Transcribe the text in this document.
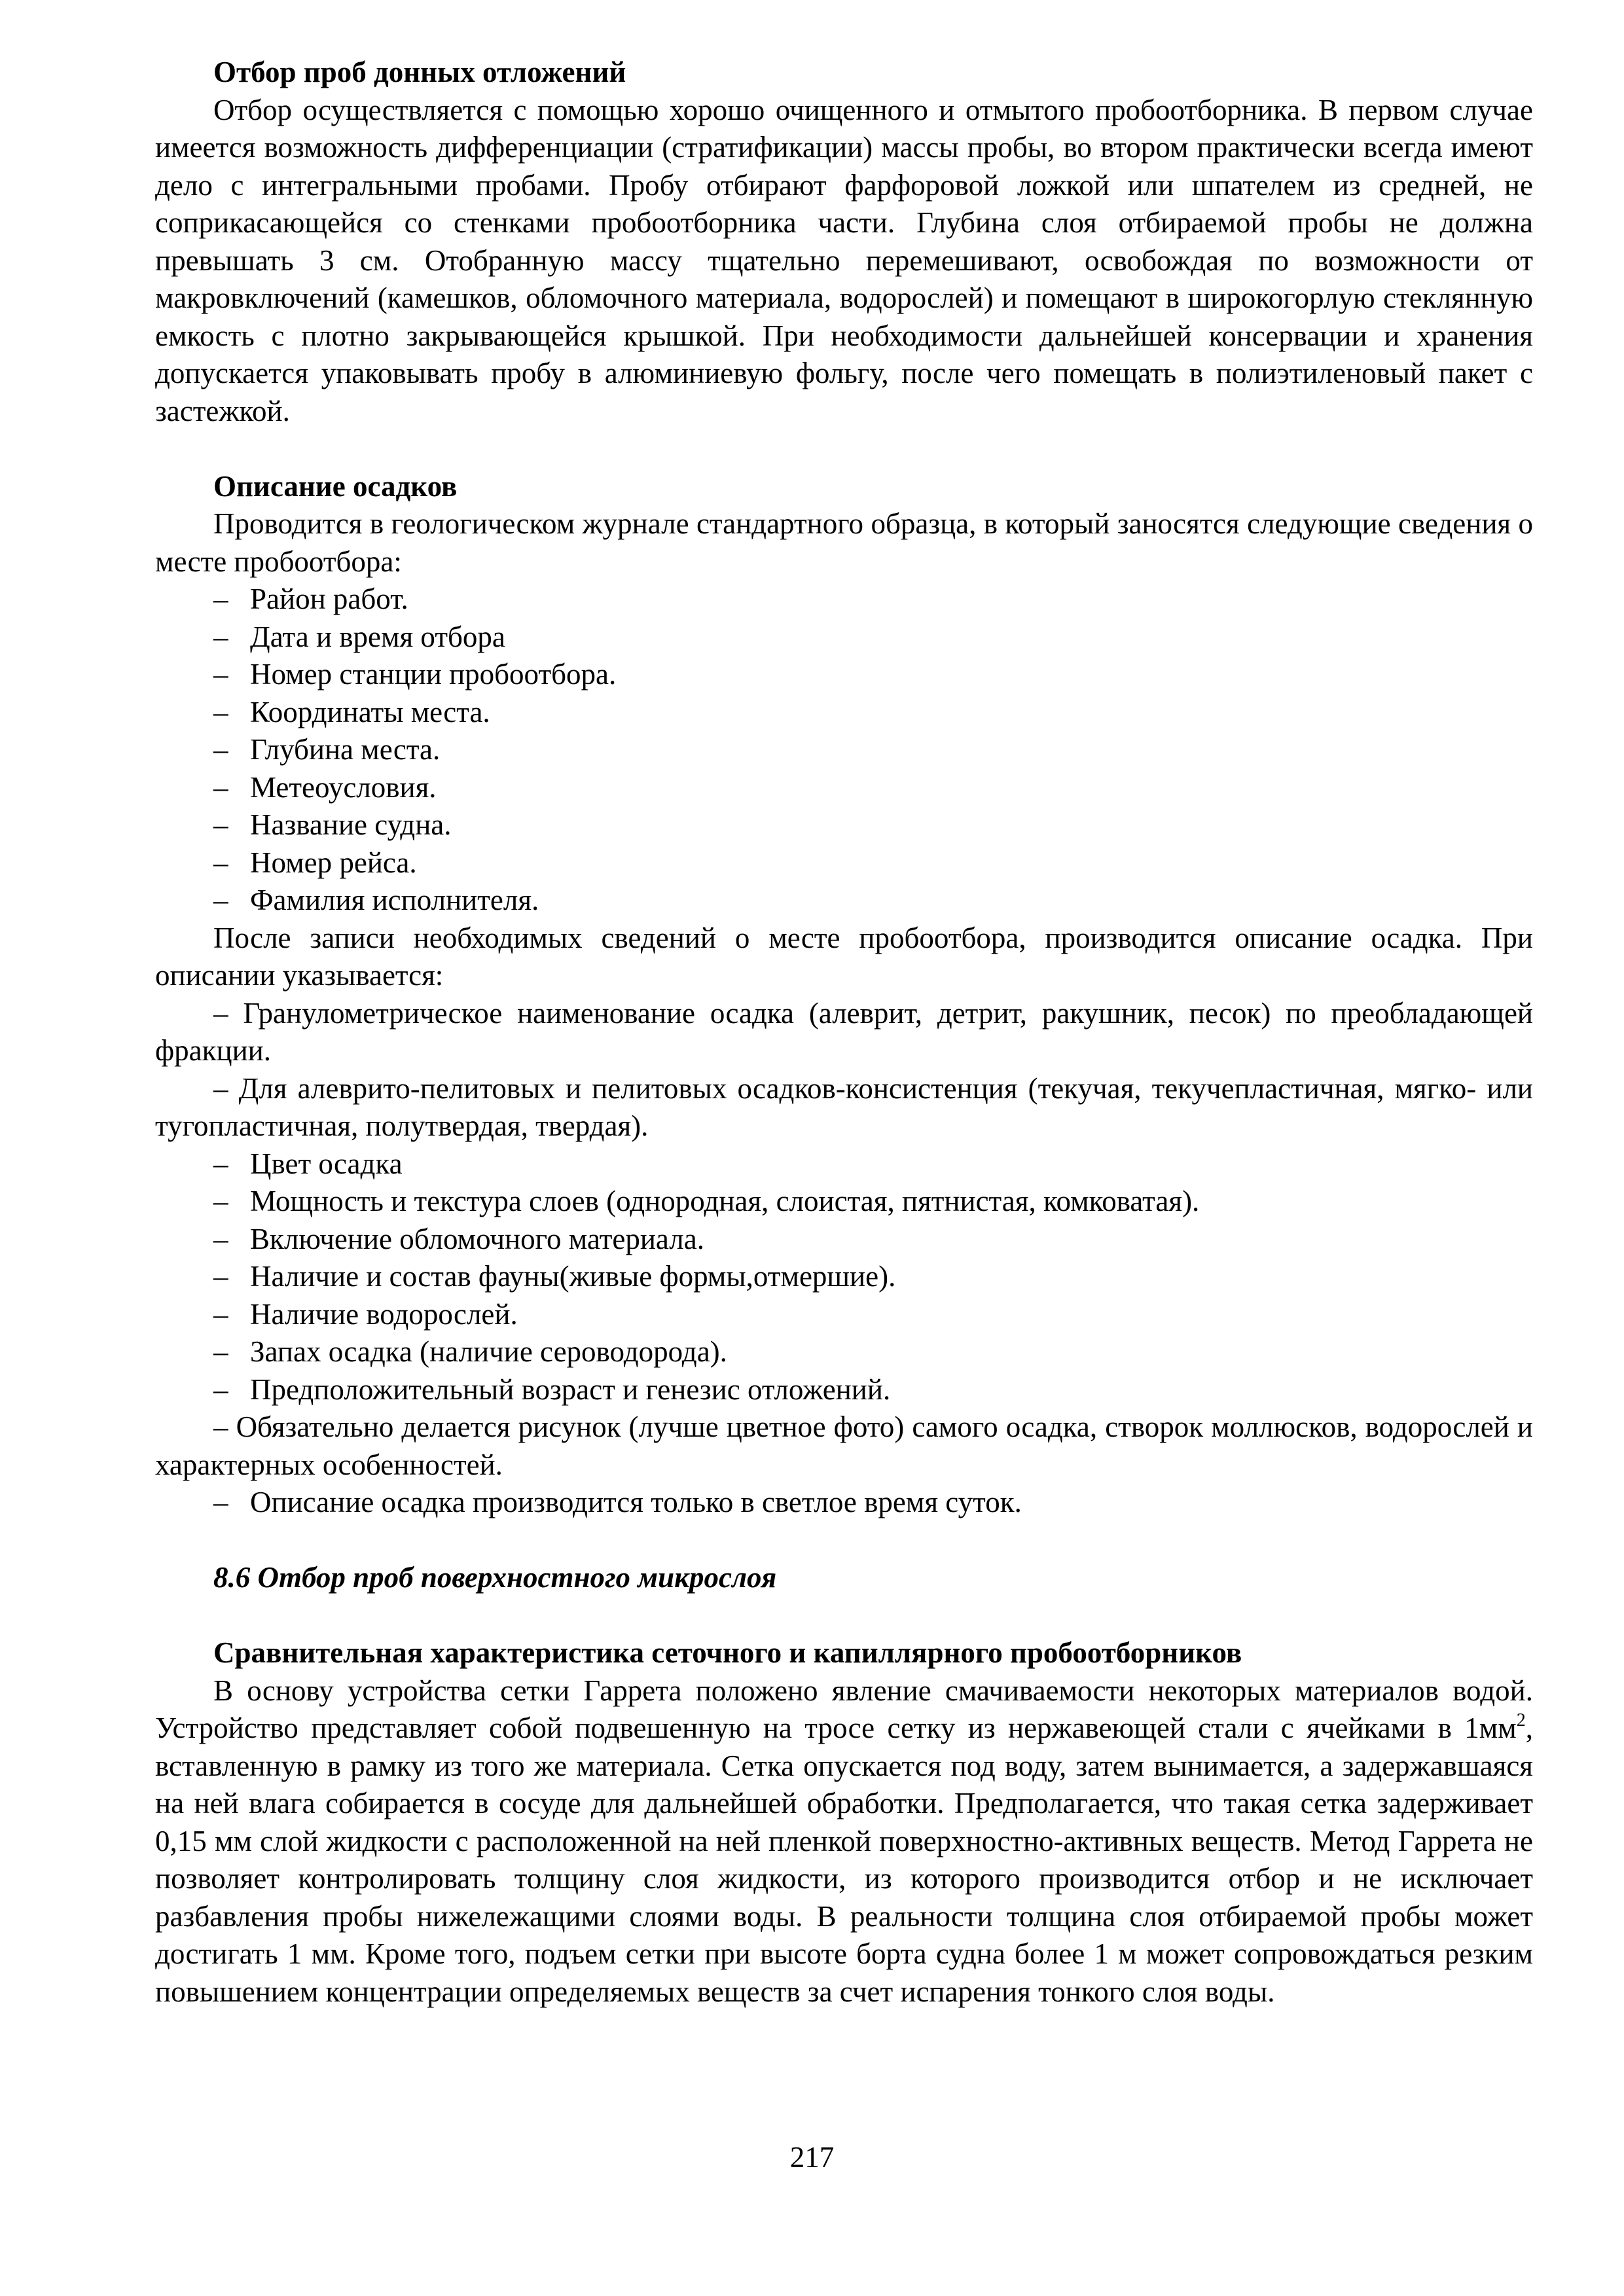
Отбор проб донных отложений

Отбор осуществляется с помощью хорошо очищенного и отмытого пробоотборника. В первом случае имеется возможность дифференциации (стратификации) массы пробы, во втором практически всегда имеют дело с интегральными пробами. Пробу отбирают фарфоровой ложкой или шпателем из средней, не соприкасающейся со стенками пробоотборника части. Глубина слоя отбираемой пробы не должна превышать 3 см. Отобранную массу тщательно перемешивают, освобождая по возможности от макровключений (камешков, обломочного материала, водорослей) и помещают в широкогорлую стеклянную емкость с плотно закрывающейся крышкой. При необходимости дальнейшей консервации и хранения допускается упаковывать пробу в алюминиевую фольгу, после чего помещать в полиэтиленовый пакет с застежкой.

Описание осадков

Проводится в геологическом журнале стандартного образца, в который заносятся следующие сведения о месте пробоотбора:

– Район работ.

– Дата и время отбора

– Номер станции пробоотбора.

– Координаты места.

– Глубина места.

– Метеоусловия.

– Название судна.

– Номер рейса.

– Фамилия исполнителя.

После записи необходимых сведений о месте пробоотбора, производится описание осадка. При описании указывается:

– Гранулометрическое наименование осадка (алеврит, детрит, ракушник, песок) по преобладающей фракции.

– Для алеврито-пелитовых и пелитовых осадков-консистенция (текучая, текучепластичная, мягко- или тугопластичная, полутвердая, твердая).

– Цвет осадка

– Мощность и текстура слоев (однородная, слоистая, пятнистая, комковатая).

– Включение обломочного материала.

– Наличие и состав фауны(живые формы,отмершие).

– Наличие водорослей.

– Запах осадка (наличие сероводорода).

– Предположительный возраст и генезис отложений.

– Обязательно делается рисунок (лучше цветное фото) самого осадка, створок моллюсков, водорослей и характерных особенностей.

– Описание осадка производится только в светлое время суток.

8.6 Отбор проб поверхностного микрослоя

Сравнительная характеристика сеточного и капиллярного пробоотборников

В основу устройства сетки Гаррета положено явление смачиваемости некоторых материалов водой. Устройство представляет собой подвешенную на тросе сетку из нержавеющей стали с ячейками в $1мм^2$, вставленную в рамку из того же материала. Сетка опускается под воду, затем вынимается, а задержавшаяся на ней влага собирается в сосуде для дальнейшей обработки. Предполагается, что такая сетка задерживает 0,15 мм слой жидкости с расположенной на ней пленкой поверхностно-активных веществ. Метод Гаррета не позволяет контролировать толщину слоя жидкости, из которого производится отбор и не исключает разбавления пробы нижележащими слоями воды. В реальности толщина слоя отбираемой пробы может достигать 1 мм. Кроме того, подъем сетки при высоте борта судна более 1 м может сопровождаться резким повышением концентрации определяемых веществ за счет испарения тонкого слоя воды.

217
